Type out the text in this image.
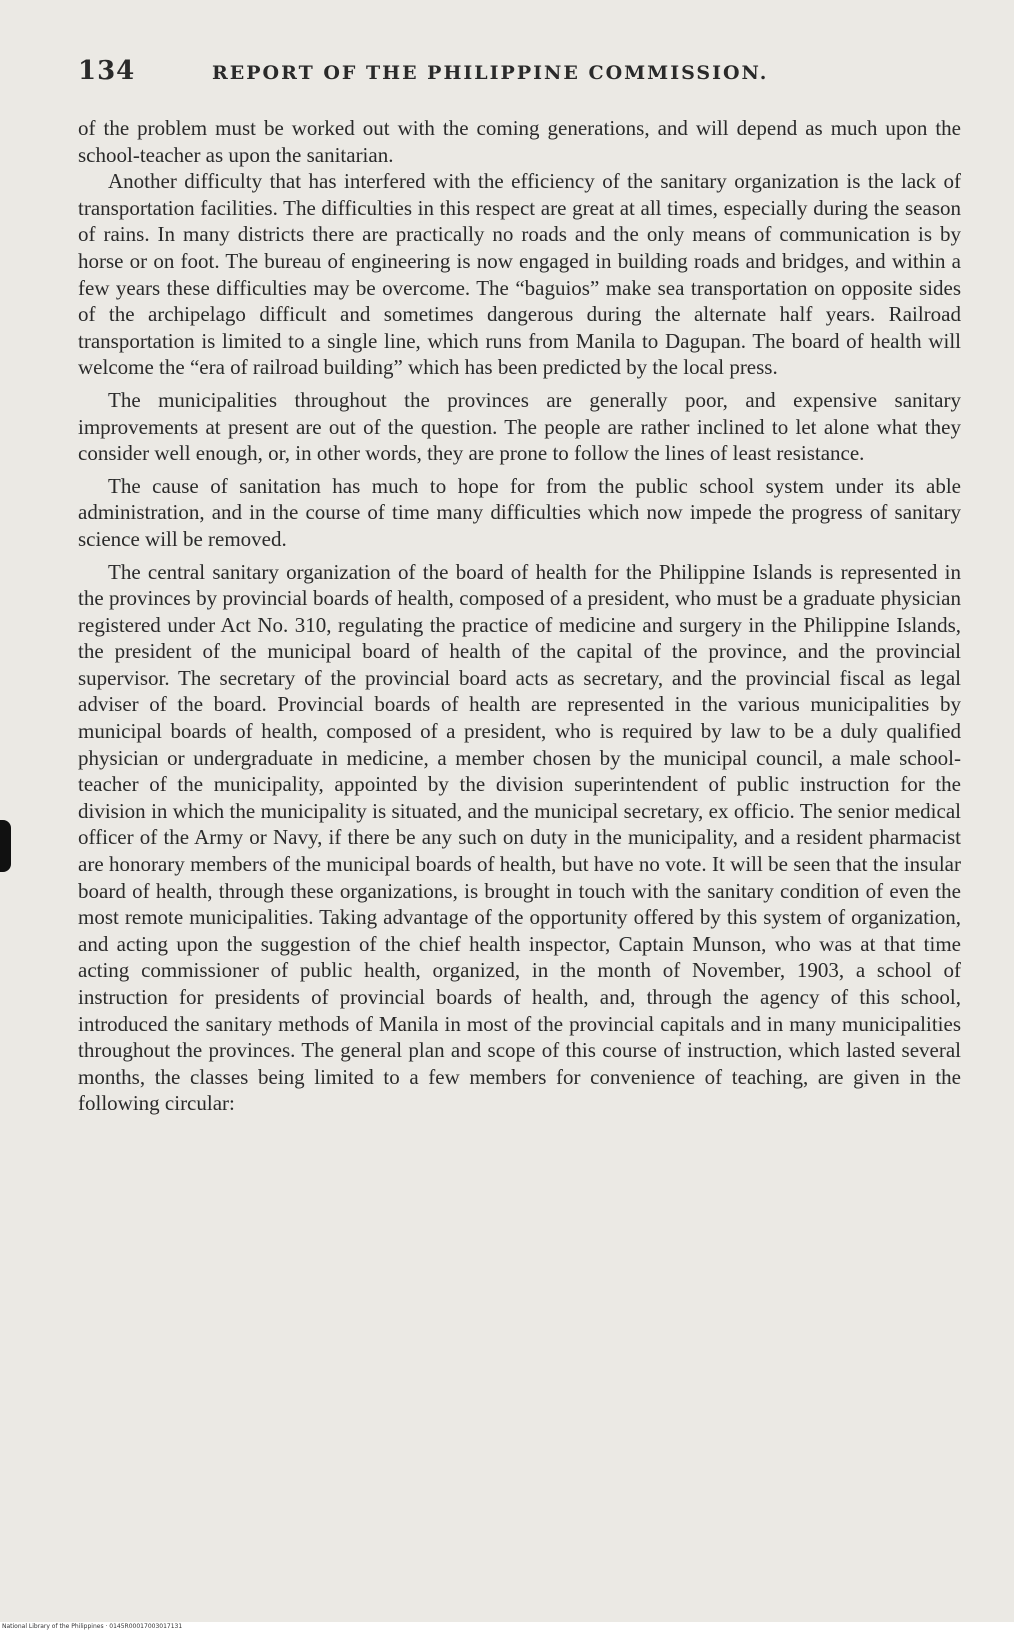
134	REPORT OF THE PHILIPPINE COMMISSION.

of the problem must be worked out with the coming generations, and will depend as much upon the school-teacher as upon the sanitarian.

Another difficulty that has interfered with the efficiency of the sanitary organization is the lack of transportation facilities. The difficulties in this respect are great at all times, especially during the season of rains. In many districts there are practically no roads and the only means of communication is by horse or on foot. The bureau of engineering is now engaged in building roads and bridges, and within a few years these difficulties may be overcome. The “baguios” make sea transportation on opposite sides of the archipelago difficult and sometimes dangerous during the alternate half years. Railroad transportation is limited to a single line, which runs from Manila to Dagupan. The board of health will welcome the “era of railroad building” which has been predicted by the local press.

The municipalities throughout the provinces are generally poor, and expensive sanitary improvements at present are out of the question. The people are rather inclined to let alone what they consider well enough, or, in other words, they are prone to follow the lines of least resistance.

The cause of sanitation has much to hope for from the public school system under its able administration, and in the course of time many difficulties which now impede the progress of sanitary science will be removed.

The central sanitary organization of the board of health for the Philippine Islands is represented in the provinces by provincial boards of health, composed of a president, who must be a graduate physician registered under Act No. 310, regulating the practice of medicine and surgery in the Philippine Islands, the president of the municipal board of health of the capital of the province, and the provincial supervisor. The secretary of the provincial board acts as secretary, and the provincial fiscal as legal adviser of the board. Provincial boards of health are represented in the various municipalities by municipal boards of health, composed of a president, who is required by law to be a duly qualified physician or undergraduate in medicine, a member chosen by the municipal council, a male school-teacher of the municipality, appointed by the division superintendent of public instruction for the division in which the municipality is situated, and the municipal secretary, ex officio. The senior medical officer of the Army or Navy, if there be any such on duty in the municipality, and a resident pharmacist are honorary members of the municipal boards of health, but have no vote. It will be seen that the insular board of health, through these organizations, is brought in touch with the sanitary condition of even the most remote municipalities. Taking advantage of the opportunity offered by this system of organization, and acting upon the suggestion of the chief health inspector, Captain Munson, who was at that time acting commissioner of public health, organized, in the month of November, 1903, a school of instruction for presidents of provincial boards of health, and, through the agency of this school, introduced the sanitary methods of Manila in most of the provincial capitals and in many municipalities throughout the provinces. The general plan and scope of this course of instruction, which lasted several months, the classes being limited to a few members for convenience of teaching, are given in the following circular:

National Library of the Philippines · 0145R00017003017131
